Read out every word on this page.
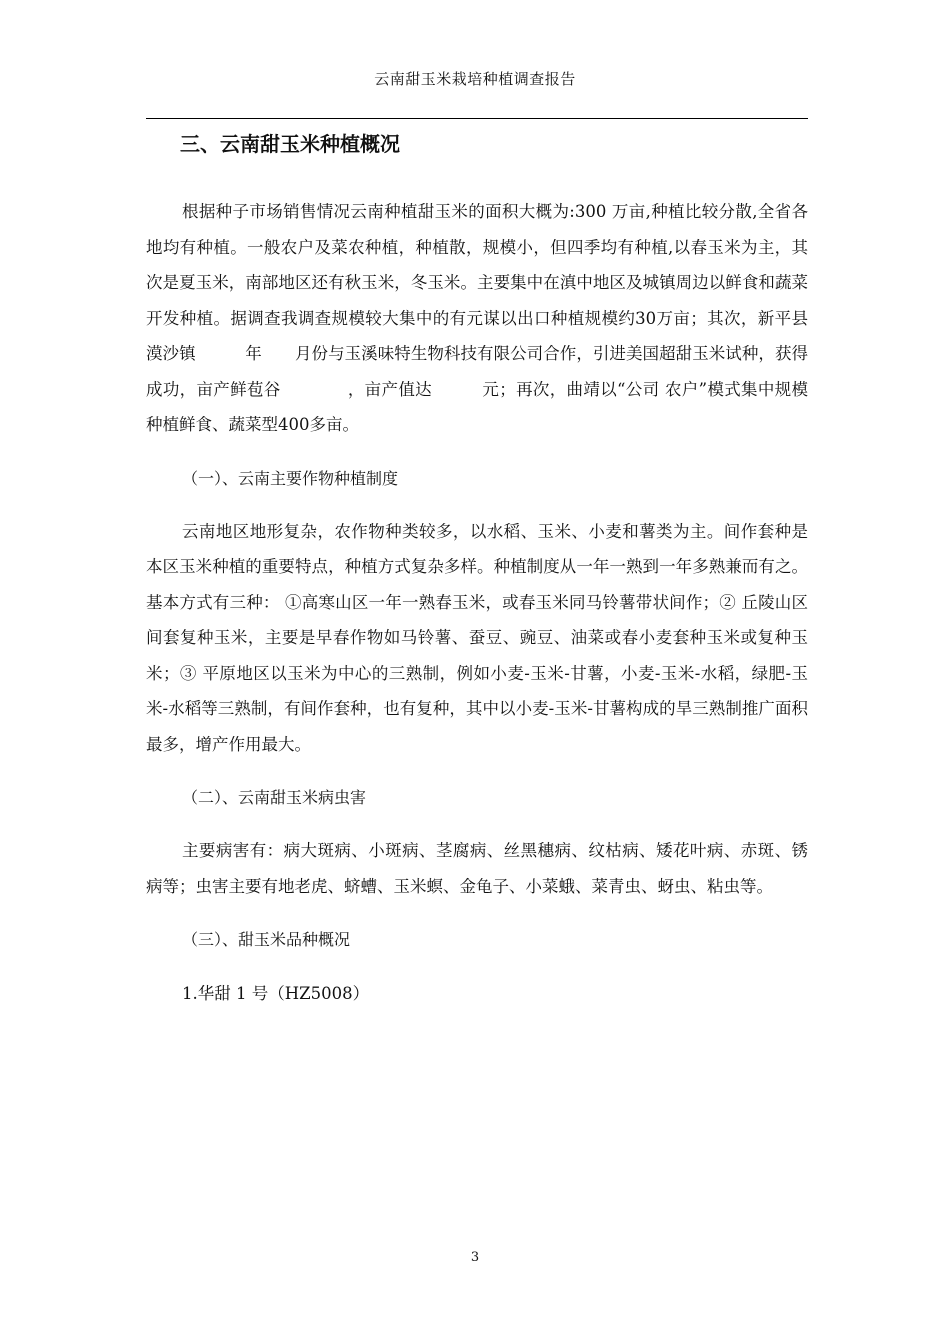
云南甜玉米栽培种植调查报告
三、云南甜玉米种植概况

根据种子市场销售情况云南种植甜玉米的面积大概为:300 万亩,种植比较分散,全省各地均有种植。一般农户及菜农种植，种植散，规模小，但四季均有种植,以春玉米为主，其次是夏玉米，南部地区还有秋玉米，冬玉米。主要集中在滇中地区及城镇周边以鲜食和蔬菜开发种植。据调查我调查规模较大集中的有元谋以出口种植规模约30万亩；其次，新平县漠沙镇　　　年　　月份与玉溪味特生物科技有限公司合作，引进美国超甜玉米试种，获得成功，亩产鲜苞谷　　　　，亩产值达　　　元；再次，曲靖以“公司 农户”模式集中规模种植鲜食、蔬菜型400多亩。

（一）、云南主要作物种植制度

云南地区地形复杂，农作物种类较多，以水稻、玉米、小麦和薯类为主。间作套种是本区玉米种植的重要特点，种植方式复杂多样。种植制度从一年一熟到一年多熟兼而有之。基本方式有三种： ①高寒山区一年一熟春玉米，或春玉米同马铃薯带状间作；② 丘陵山区间套复种玉米，主要是早春作物如马铃薯、蚕豆、豌豆、油菜或春小麦套种玉米或复种玉米；③ 平原地区以玉米为中心的三熟制，例如小麦-玉米-甘薯，小麦-玉米-水稻，绿肥-玉米-水稻等三熟制，有间作套种，也有复种，其中以小麦-玉米-甘薯构成的旱三熟制推广面积最多，增产作用最大。

（二）、云南甜玉米病虫害

主要病害有：病大斑病、小斑病、茎腐病、丝黑穗病、纹枯病、矮花叶病、赤斑、锈病等；虫害主要有地老虎、蛴螬、玉米螟、金龟子、小菜蛾、菜青虫、蚜虫、粘虫等。

（三）、甜玉米品种概况

1.华甜 1 号（HZ5008）

3
